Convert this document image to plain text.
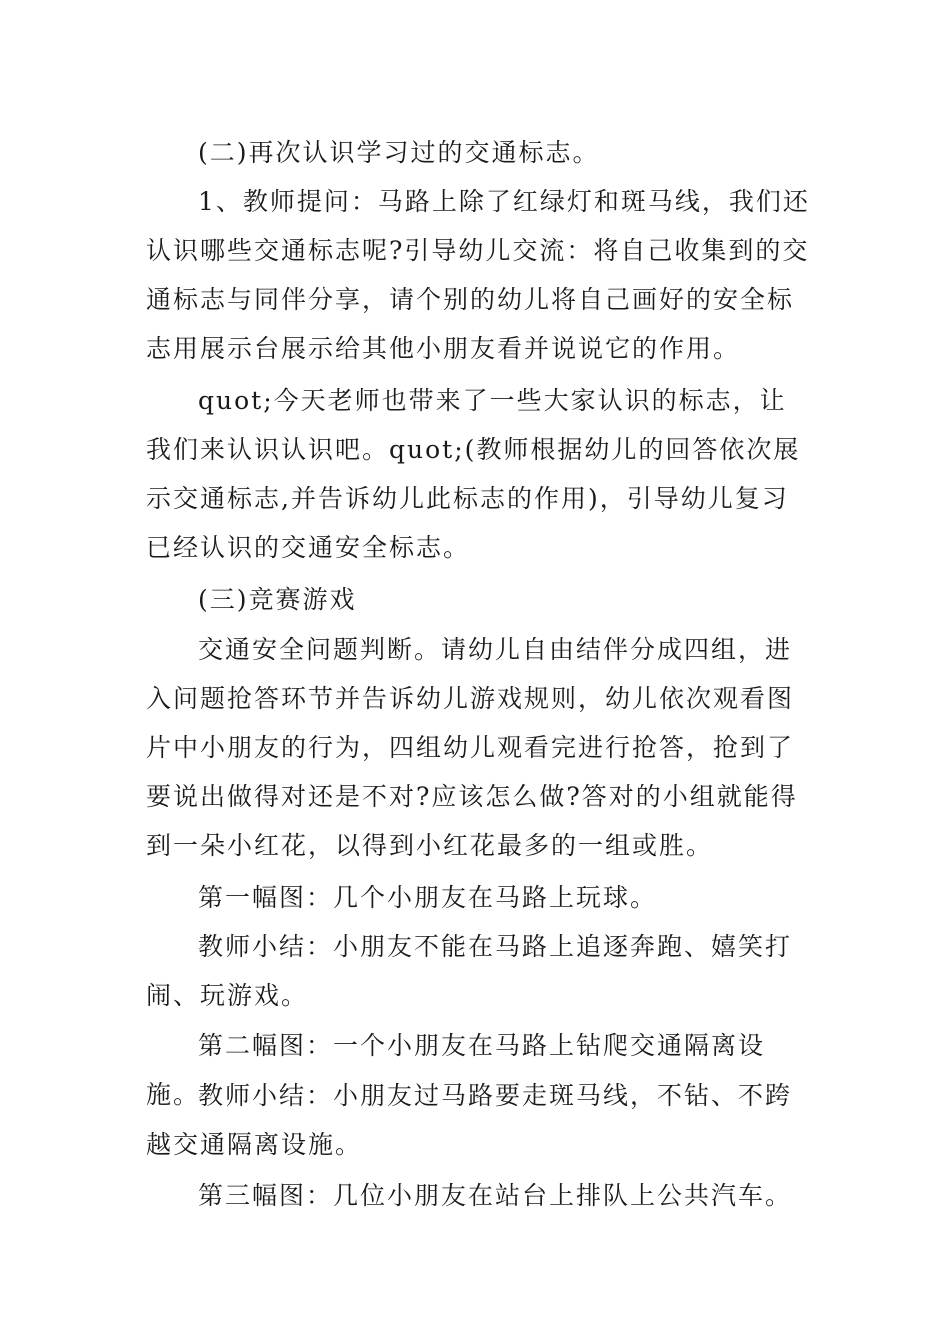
(二)再次认识学习过的交通标志。

1、教师提问：马路上除了红绿灯和斑马线，我们还认识哪些交通标志呢?引导幼儿交流：将自己收集到的交通标志与同伴分享，请个别的幼儿将自己画好的安全标志用展示台展示给其他小朋友看并说说它的作用。

quot;今天老师也带来了一些大家认识的标志，让我们来认识认识吧。quot;(教师根据幼儿的回答依次展示交通标志,并告诉幼儿此标志的作用)，引导幼儿复习已经认识的交通安全标志。

(三)竞赛游戏

交通安全问题判断。请幼儿自由结伴分成四组，进入问题抢答环节并告诉幼儿游戏规则，幼儿依次观看图片中小朋友的行为，四组幼儿观看完进行抢答，抢到了要说出做得对还是不对?应该怎么做?答对的小组就能得到一朵小红花，以得到小红花最多的一组或胜。

第一幅图：几个小朋友在马路上玩球。

教师小结：小朋友不能在马路上追逐奔跑、嬉笑打闹、玩游戏。

第二幅图：一个小朋友在马路上钻爬交通隔离设施。

教师小结：小朋友过马路要走斑马线，不钻、不跨越交通隔离设施。

第三幅图：几位小朋友在站台上排队上公共汽车。
